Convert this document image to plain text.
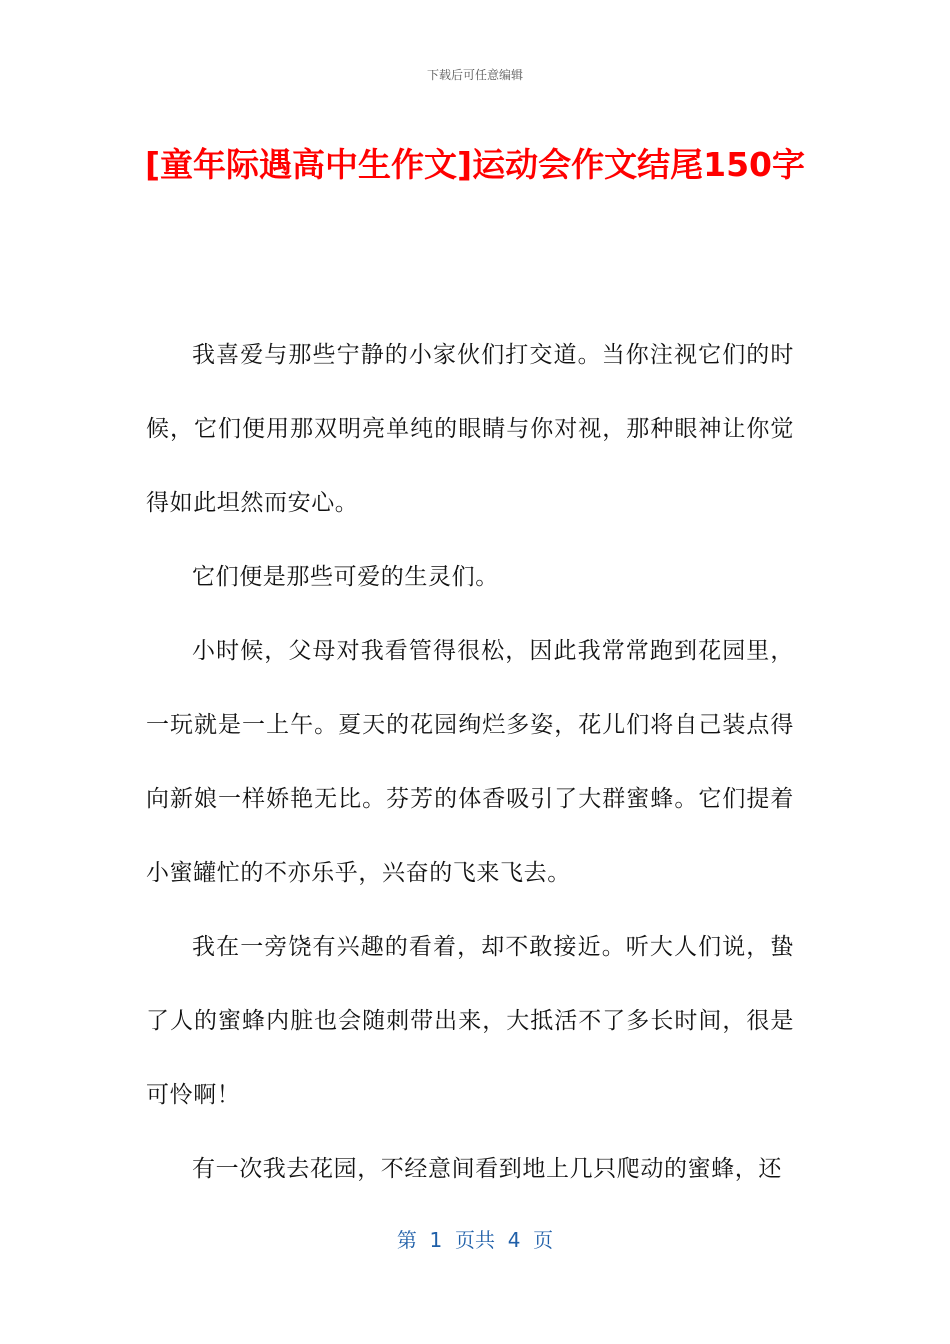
下载后可任意编辑
[童年际遇高中生作文]运动会作文结尾150字

我喜爱与那些宁静的小家伙们打交道。当你注视它们的时候，它们便用那双明亮单纯的眼睛与你对视，那种眼神让你觉得如此坦然而安心。

它们便是那些可爱的生灵们。

小时候，父母对我看管得很松，因此我常常跑到花园里，一玩就是一上午。夏天的花园绚烂多姿，花儿们将自己装点得向新娘一样娇艳无比。芬芳的体香吸引了大群蜜蜂。它们提着小蜜罐忙的不亦乐乎，兴奋的飞来飞去。

我在一旁饶有兴趣的看着，却不敢接近。听大人们说，蛰了人的蜜蜂内脏也会随刺带出来，大抵活不了多长时间，很是可怜啊！

有一次我去花园，不经意间看到地上几只爬动的蜜蜂，还

第  1  页共  4  页
